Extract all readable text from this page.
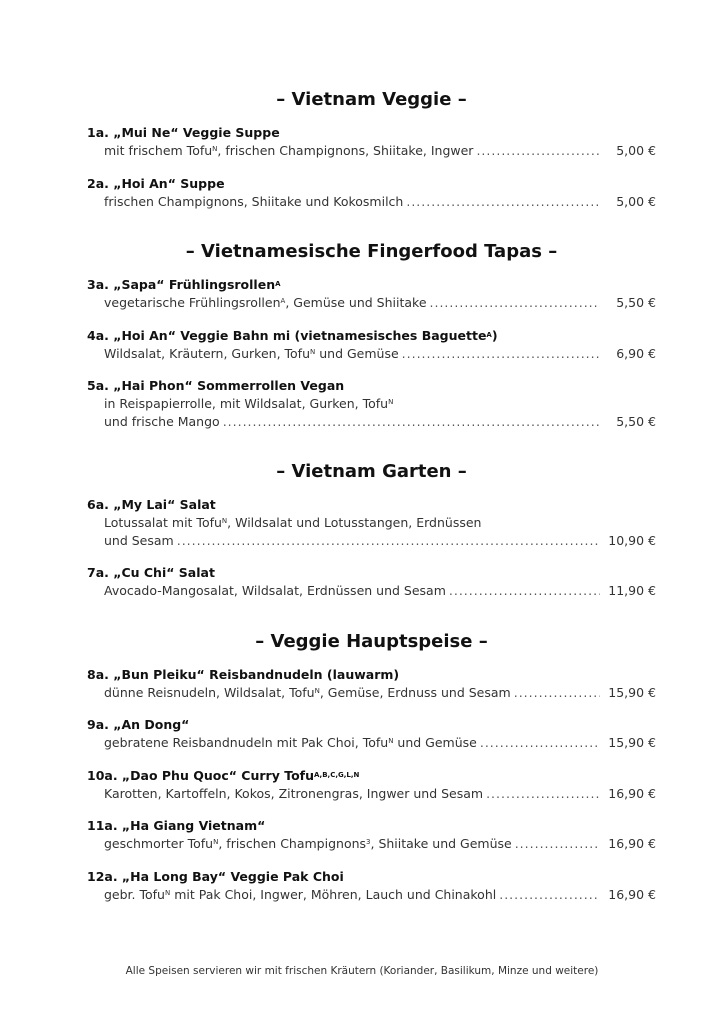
– Vietnam Veggie –
1a. „Mui Ne“ Veggie Suppe
mit frischem Tofu$^N$, frischen Champignons, Shiitake, Ingwer .....	5,00 €
2a. „Hoi An“ Suppe
frischen Champignons, Shiitake und Kokosmilch .....	5,00 €
– Vietnamesische Fingerfood Tapas –
3a. „Sapa“ Frühlingsrollen$^A$
vegetarische Frühlingsrollen$^A$, Gemüse und Shiitake .....	5,50 €
4a. „Hoi An“ Veggie Bahn mi (vietnamesisches Baguette$^A$)
Wildsalat, Kräutern, Gurken, Tofu$^N$ und Gemüse .....	6,90 €
5a. „Hai Phon“ Sommerrollen Vegan
in Reispapierrolle, mit Wildsalat, Gurken, Tofu$^N$
und frische Mango .....	5,50 €
– Vietnam Garten –
6a. „My Lai“ Salat
Lotussalat mit Tofu$^N$, Wildsalat und Lotusstangen, Erdnüssen
und Sesam .....	10,90 €
7a. „Cu Chi“ Salat
Avocado-Mangosalat, Wildsalat, Erdnüssen und Sesam .....	11,90 €
– Veggie Hauptspeise –
8a. „Bun Pleiku“ Reisbandnudeln (lauwarm)
dünne Reisnudeln, Wildsalat, Tofu$^N$, Gemüse, Erdnuss und Sesam .....	15,90 €
9a. „An Dong“
gebratene Reisbandnudeln mit Pak Choi, Tofu$^N$ und Gemüse .....	15,90 €
10a. „Dao Phu Quoc“ Curry Tofu$^{A,B,C,G,L,N}$
Karotten, Kartoffeln, Kokos, Zitronengras, Ingwer und Sesam .....	16,90 €
11a. „Ha Giang Vietnam“
geschmorter Tofu$^N$, frischen Champignons$^3$, Shiitake und Gemüse .....	16,90 €
12a. „Ha Long Bay“ Veggie Pak Choi
gebr. Tofu$^N$ mit Pak Choi, Ingwer, Möhren, Lauch und Chinakohl .....	16,90 €
Alle Speisen servieren wir mit frischen Kräutern (Koriander, Basilikum, Minze und weitere)
